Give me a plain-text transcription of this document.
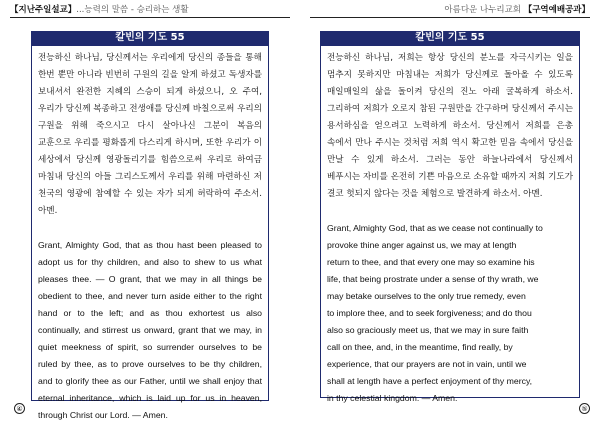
【지난주일설교】...능력의 말씀 - 승리하는 생활
칼빈의 기도 55

전능하신 하나님, 당신께서는 우리에게 당신의 종들을 통해 한번 뿐만 아니라 빈번히 구원의 길을 알게 하셨고 독생자를 보내셔서 완전한 지혜의 스승이 되게 하셨으니, 오 주여, 우리가 당신께 복종하고 전생애를 당신께 바칠으로써 우리의 구원을 위해 죽으시고 다시 살아나신 그분이 복음의 교훈으로 우리를 평화롭게 다스리게 하시며, 또한 우리가 이 세상에서 당신께 영광돌리기를 힘씀으로써 우리로 하여금 마침내 당신의 아들 그리스도께서 우리를 위해 마련하신 저 천국의 영광에 참예할 수 있는 자가 되게 허락하여 주소서. 아멘.

Grant, Almighty God, that as thou hast been pleased to adopt us for thy children, and also to shew to us what pleases thee. — O grant, that we may in all things be obedient to thee, and never turn aside either to the right hand or to the left; and as thou exhortest us also continually, and stirrest us onward, grant that we may, in quiet meekness of spirit, so surrender ourselves to be ruled by thee, as to prove ourselves to be thy children, and to glorify thee as our Father, until we shall enjoy that eternal inheritance, which is laid up for us in heaven, through Christ our Lord. — Amen.

④
아름다운 나누리교회 【구역예배공과】
칼빈의 기도 55

전능하신 하나님, 저희는 항상 당신의 분노를 자극시키는 일을 멈추지 못하지만 마침내는 저희가 당신께로 돌아올 수 있도록 매일매일의 삶을 돌이켜 당신의 진노 아래 굴복하게 하소서. 그리하여 저희가 오로지 참된 구원만을 간구하며 당신께서 주시는 용서하심을 얻으려고 노력하게 하소서. 당신께서 저희를 은총 속에서 만나 주시는 것처럼 저희 역시 확고한 믿음 속에서 당신을 만날 수 있게 하소서. 그러는 동안 하늘나라에서 당신께서 베푸시는 자비를 온전히 기쁜 마음으로 소유할 때까지 저희 기도가 결코 헛되지 않다는 것을 체험으로 발견하게 하소서. 아멘.

Grant, Almighty God, that as we cease not continually to
provoke thine anger against us, we may at length
return to thee, and that every one may so examine his
life, that being prostrate under a sense of thy wrath, we
may betake ourselves to the only true remedy, even
to implore thee, and to seek forgiveness; and do thou
also so graciously meet us, that we may in sure faith
call on thee, and, in the meantime, find really, by
experience, that our prayers are not in vain, until we
shall at length have a perfect enjoyment of thy mercy,
in thy celestial kingdom. — Amen.
⑤
